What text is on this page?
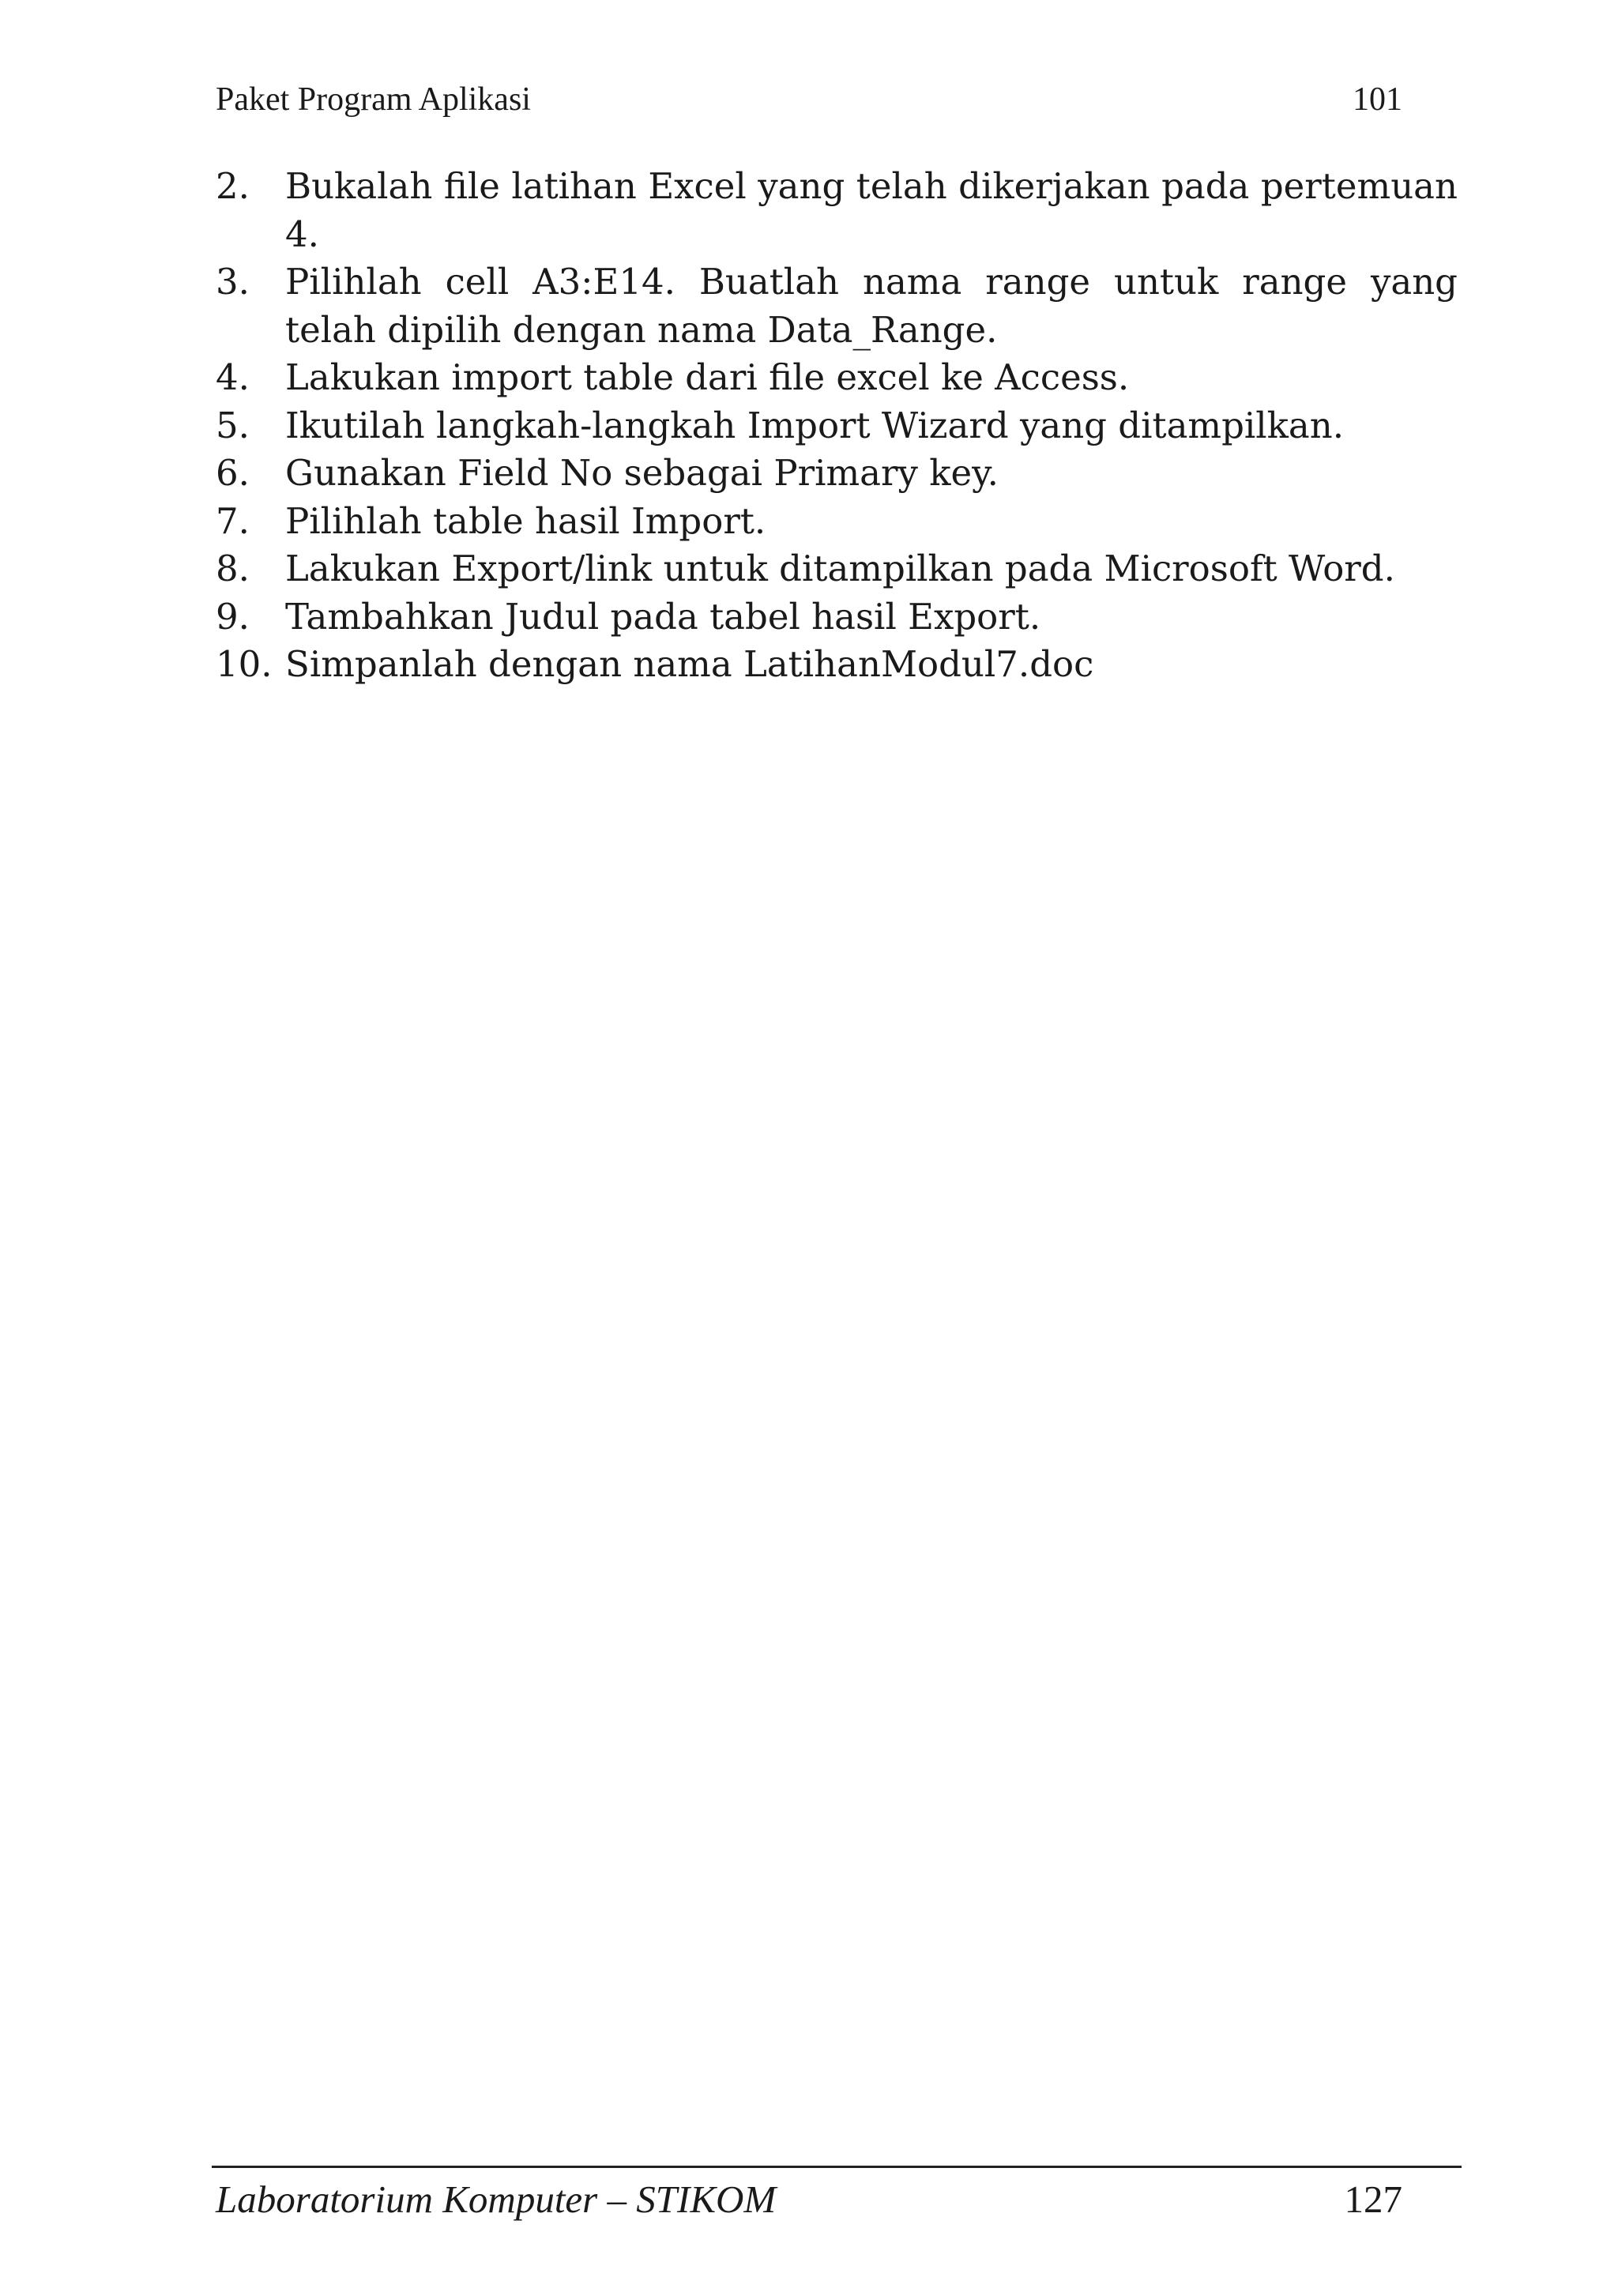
Paket Program Aplikasi	101
2.	Bukalah file latihan Excel yang telah dikerjakan pada pertemuan 4.
3.	Pilihlah cell A3:E14. Buatlah nama range untuk range yang telah dipilih dengan nama Data_Range.
4.	Lakukan import table dari file excel ke Access.
5.	Ikutilah langkah-langkah Import Wizard yang ditampilkan.
6.	Gunakan Field No sebagai Primary key.
7.	Pilihlah table hasil Import.
8.	Lakukan Export/link untuk ditampilkan pada Microsoft Word.
9.	Tambahkan Judul pada tabel hasil Export.
10. Simpanlah dengan nama LatihanModul7.doc
Laboratorium Komputer – STIKOM	127
